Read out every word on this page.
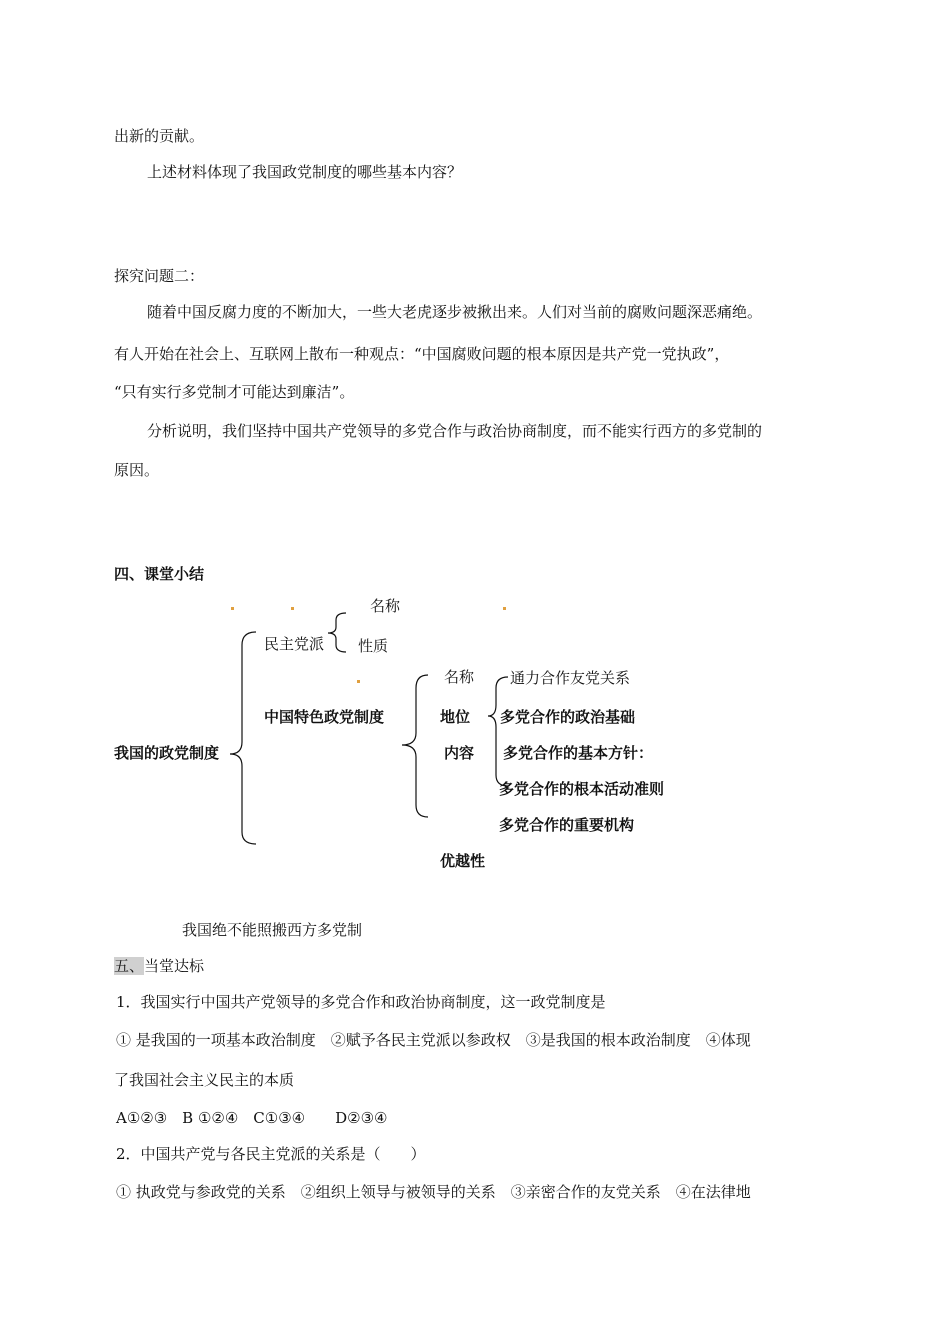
出新的贡献。
上述材料体现了我国政党制度的哪些基本内容？
探究问题二：
随着中国反腐力度的不断加大，一些大老虎逐步被揪出来。人们对当前的腐败问题深恶痛绝。
有人开始在社会上、互联网上散布一种观点：“中国腐败问题的根本原因是共产党一党执政”，
“只有实行多党制才可能达到廉洁”。
分析说明，我们坚持中国共产党领导的多党合作与政治协商制度，而不能实行西方的多党制的
原因。
四、课堂小结
名称
民主党派 性质
名称 通力合作友党关系
中国特色政党制度	地位 多党合作的政治基础
我国的政党制度	内容 多党合作的基本方针：
多党合作的根本活动准则
多党合作的重要机构
优越性
我国绝不能照搬西方多党制
五、当堂达标
1．我国实行中国共产党领导的多党合作和政治协商制度，这一政党制度是
① 是我国的一项基本政治制度　②赋予各民主党派以参政权　③是我国的根本政治制度　④体现
了我国社会主义民主的本质
A①②③　B ①②④　C①③④　　D②③④
2．中国共产党与各民主党派的关系是（　　）
① 执政党与参政党的关系　②组织上领导与被领导的关系　③亲密合作的友党关系　④在法律地
